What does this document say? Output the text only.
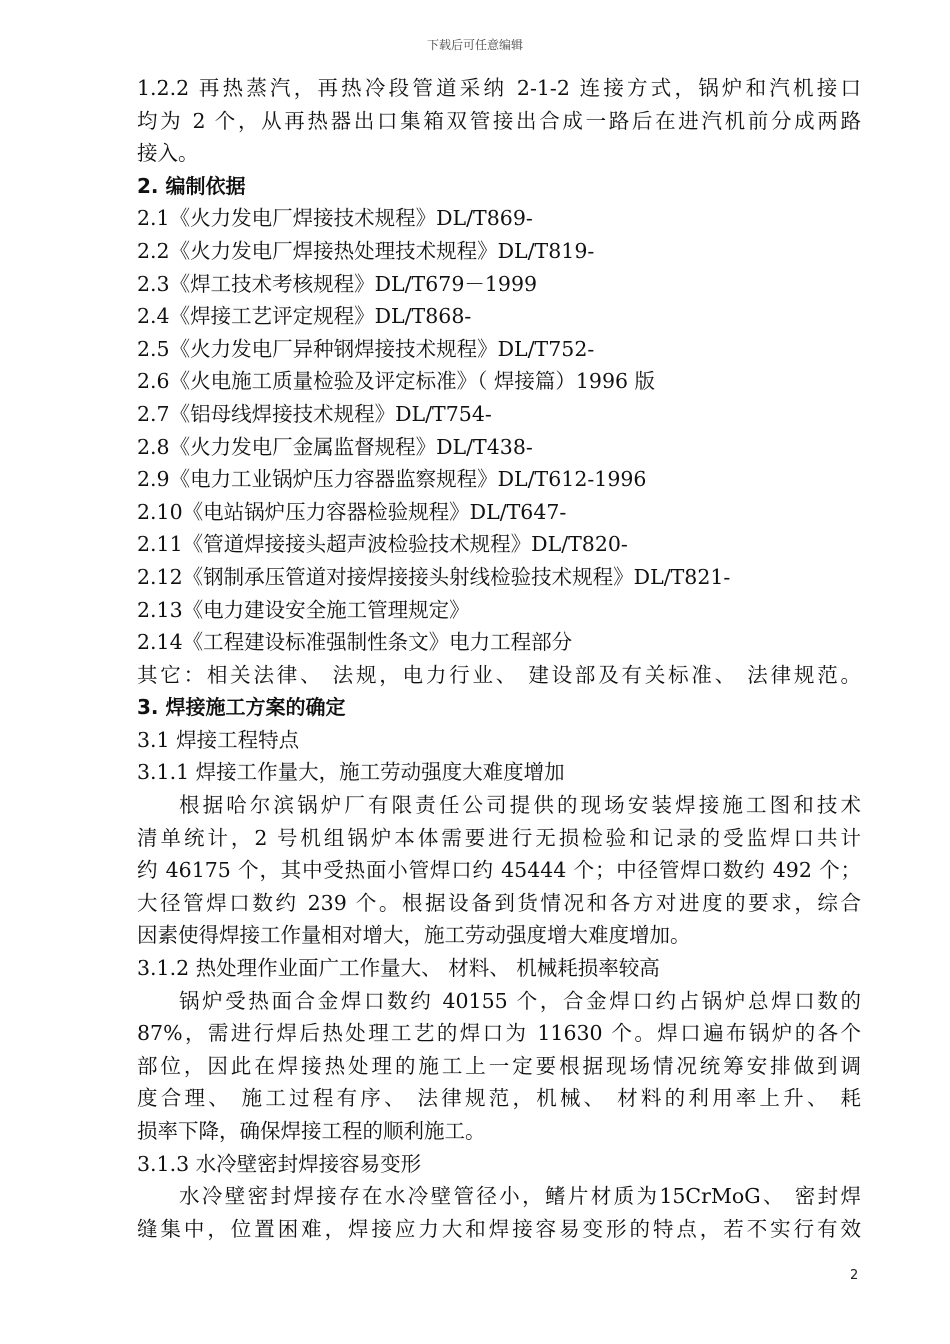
下载后可任意编辑
1.2.2 再热蒸汽，再热冷段管道采纳 2-1-2 连接方式，锅炉和汽机接口
均为 2 个，从再热器出口集箱双管接出合成一路后在进汽机前分成两路
接入。
2. 编制依据
2.1《火力发电厂焊接技术规程》DL/T869-
2.2《火力发电厂焊接热处理技术规程》DL/T819-
2.3《焊工技术考核规程》DL/T679－1999
2.4《焊接工艺评定规程》DL/T868-
2.5《火力发电厂异种钢焊接技术规程》DL/T752-
2.6《火电施工质量检验及评定标准》（ 焊接篇）1996 版
2.7《铝母线焊接技术规程》DL/T754-
2.8《火力发电厂金属监督规程》DL/T438-
2.9《电力工业锅炉压力容器监察规程》DL/T612-1996
2.10《电站锅炉压力容器检验规程》DL/T647-
2.11《管道焊接接头超声波检验技术规程》DL/T820-
2.12《钢制承压管道对接焊接接头射线检验技术规程》DL/T821-
2.13《电力建设安全施工管理规定》
2.14《工程建设标准强制性条文》电力工程部分
其它：相关法律、 法规，电力行业、 建设部及有关标准、 法律规范。
3. 焊接施工方案的确定
3.1 焊接工程特点
3.1.1 焊接工作量大，施工劳动强度大难度增加
根据哈尔滨锅炉厂有限责任公司提供的现场安装焊接施工图和技术
清单统计，2 号机组锅炉本体需要进行无损检验和记录的受监焊口共计
约 46175 个，其中受热面小管焊口约 45444 个；中径管焊口数约 492 个；
大径管焊口数约 239 个。根据设备到货情况和各方对进度的要求，综合
因素使得焊接工作量相对增大，施工劳动强度增大难度增加。
3.1.2 热处理作业面广工作量大、 材料、 机械耗损率较高
锅炉受热面合金焊口数约 40155 个，合金焊口约占锅炉总焊口数的
87%，需进行焊后热处理工艺的焊口为 11630 个。焊口遍布锅炉的各个
部位，因此在焊接热处理的施工上一定要根据现场情况统筹安排做到调
度合理、 施工过程有序、 法律规范，机械、 材料的利用率上升、 耗
损率下降，确保焊接工程的顺利施工。
3.1.3 水冷壁密封焊接容易变形
水冷壁密封焊接存在水冷壁管径小，鳍片材质为15CrMoG、 密封焊
缝集中，位置困难，焊接应力大和焊接容易变形的特点，若不实行有效
2
